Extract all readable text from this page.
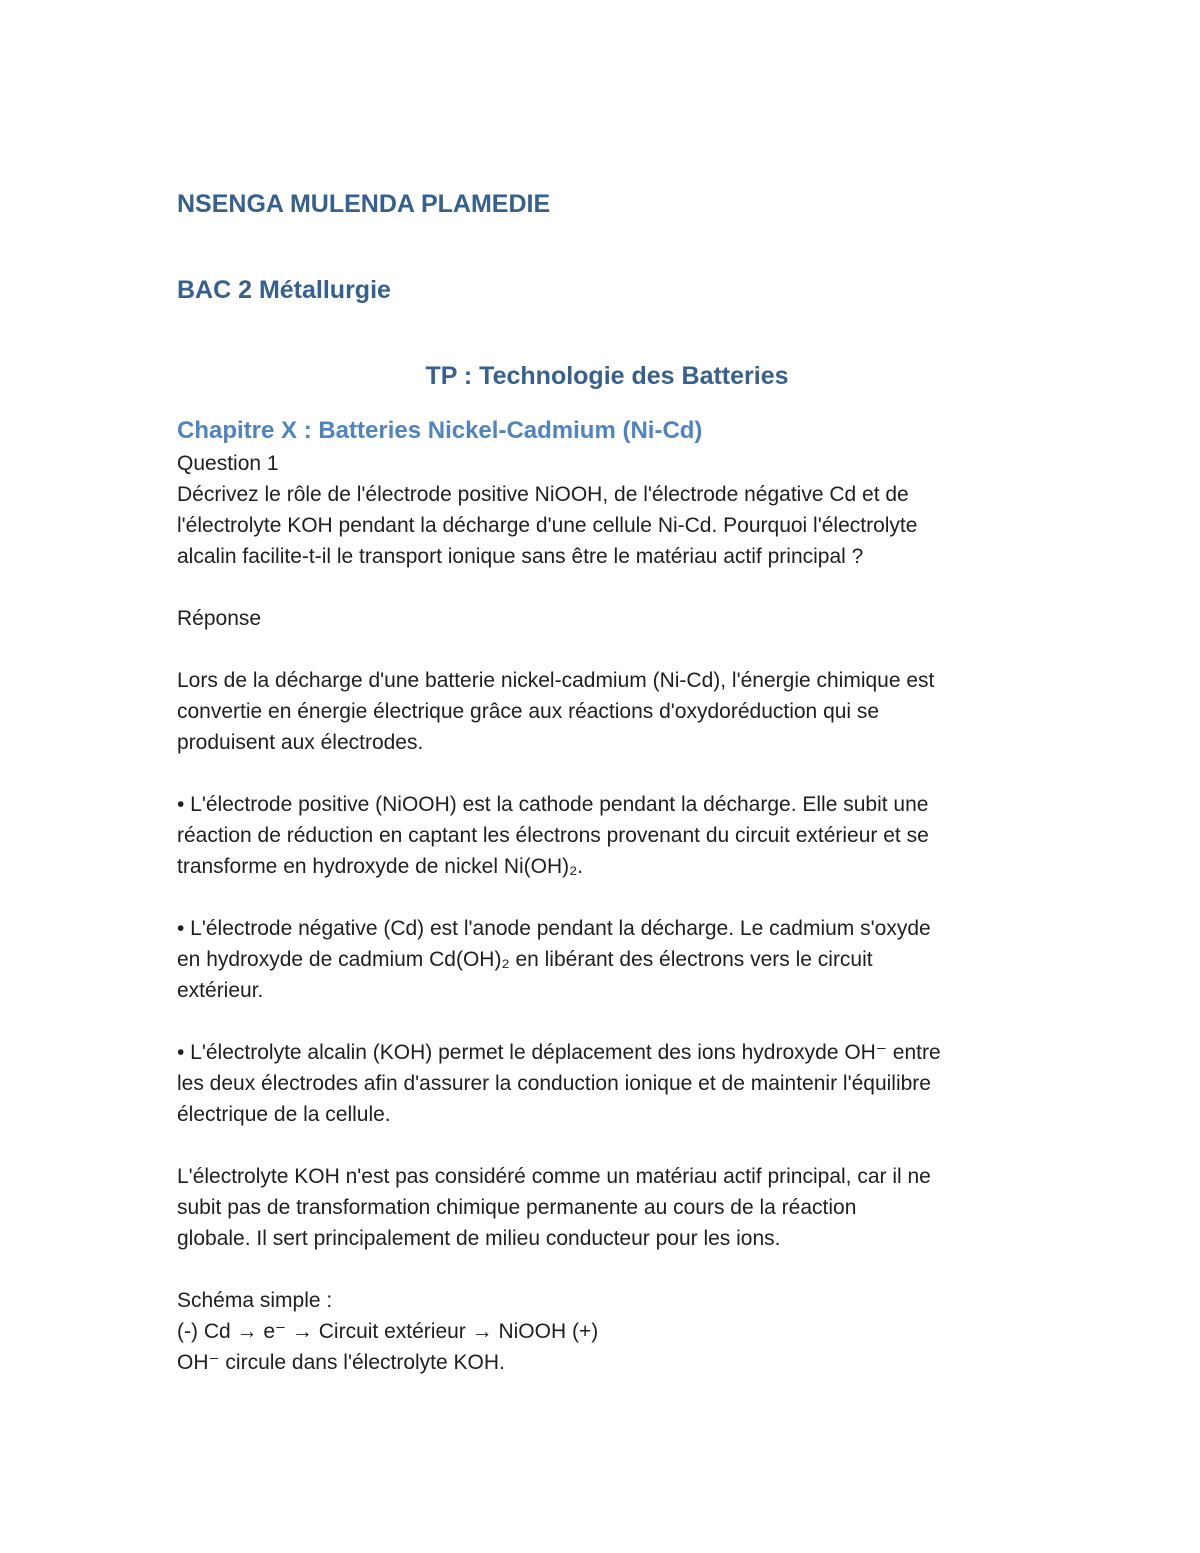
NSENGA MULENDA PLAMEDIE
BAC 2 Métallurgie
TP : Technologie des Batteries
Chapitre X : Batteries Nickel-Cadmium (Ni-Cd)

Question 1

Décrivez le rôle de l'électrode positive NiOOH, de l'électrode négative Cd et de
l'électrolyte KOH pendant la décharge d'une cellule Ni-Cd. Pourquoi l'électrolyte
alcalin facilite-t-il le transport ionique sans être le matériau actif principal ?

Réponse

Lors de la décharge d'une batterie nickel-cadmium (Ni-Cd), l'énergie chimique est
convertie en énergie électrique grâce aux réactions d'oxydoréduction qui se
produisent aux électrodes.

• L'électrode positive (NiOOH) est la cathode pendant la décharge. Elle subit une
réaction de réduction en captant les électrons provenant du circuit extérieur et se
transforme en hydroxyde de nickel Ni(OH)₂.

• L'électrode négative (Cd) est l'anode pendant la décharge. Le cadmium s'oxyde
en hydroxyde de cadmium Cd(OH)₂ en libérant des électrons vers le circuit
extérieur.

• L'électrolyte alcalin (KOH) permet le déplacement des ions hydroxyde OH⁻ entre
les deux électrodes afin d'assurer la conduction ionique et de maintenir l'équilibre
électrique de la cellule.

L'électrolyte KOH n'est pas considéré comme un matériau actif principal, car il ne
subit pas de transformation chimique permanente au cours de la réaction
globale. Il sert principalement de milieu conducteur pour les ions.

Schéma simple :

(-) Cd → e⁻ → Circuit extérieur → NiOOH (+)

OH⁻ circule dans l'électrolyte KOH.
